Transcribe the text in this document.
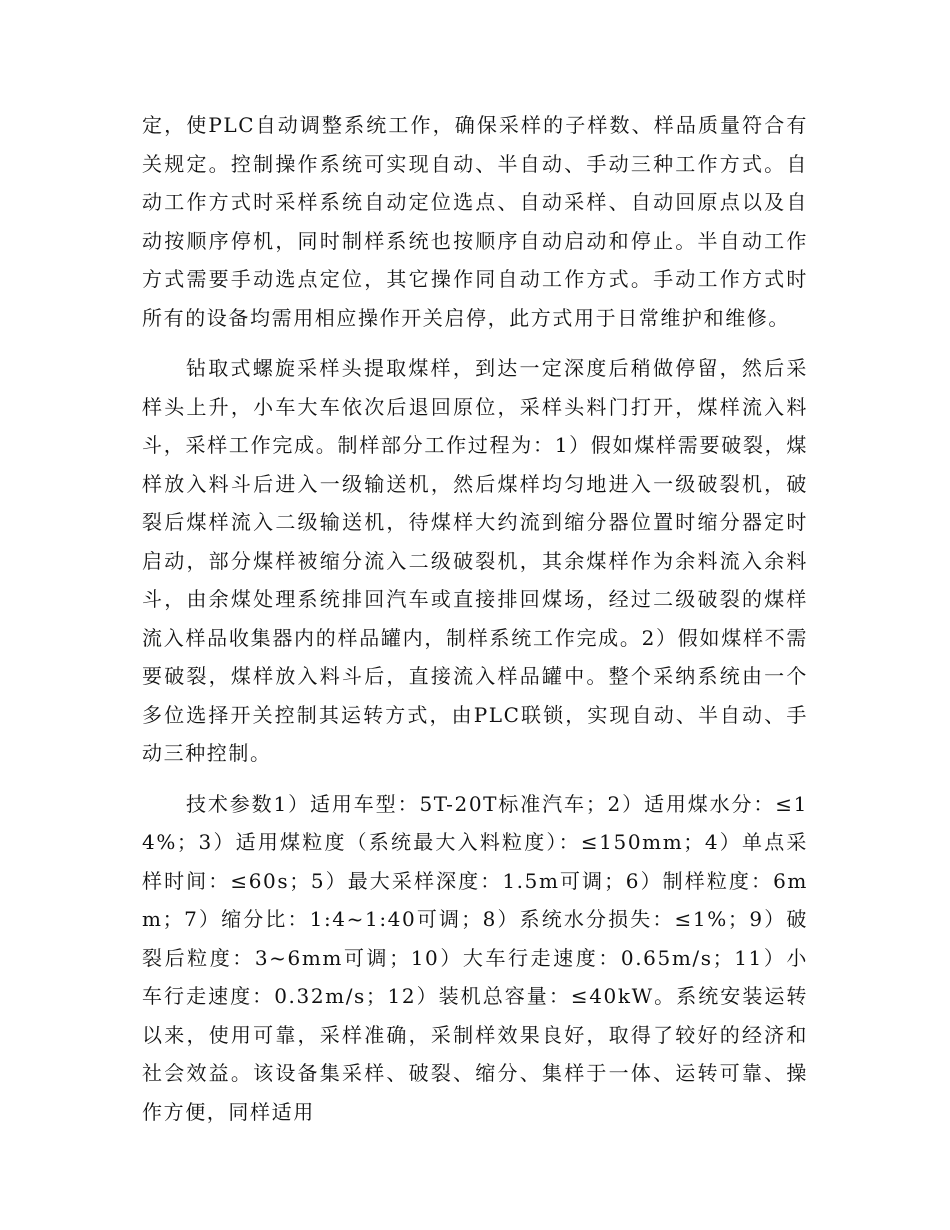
定，使PLC自动调整系统工作，确保采样的子样数、样品质量符合有关规定。控制操作系统可实现自动、半自动、手动三种工作方式。自动工作方式时采样系统自动定位选点、自动采样、自动回原点以及自动按顺序停机，同时制样系统也按顺序自动启动和停止。半自动工作方式需要手动选点定位，其它操作同自动工作方式。手动工作方式时所有的设备均需用相应操作开关启停，此方式用于日常维护和维修。

钻取式螺旋采样头提取煤样，到达一定深度后稍做停留，然后采样头上升，小车大车依次后退回原位，采样头料门打开，煤样流入料斗，采样工作完成。制样部分工作过程为：1）假如煤样需要破裂，煤样放入料斗后进入一级输送机，然后煤样均匀地进入一级破裂机，破裂后煤样流入二级输送机，待煤样大约流到缩分器位置时缩分器定时启动，部分煤样被缩分流入二级破裂机，其余煤样作为余料流入余料斗，由余煤处理系统排回汽车或直接排回煤场，经过二级破裂的煤样流入样品收集器内的样品罐内，制样系统工作完成。2）假如煤样不需要破裂，煤样放入料斗后，直接流入样品罐中。整个采纳系统由一个多位选择开关控制其运转方式，由PLC联锁，实现自动、半自动、手动三种控制。

技术参数1）适用车型：5T-20T标准汽车；2）适用煤水分：≤14%；3）适用煤粒度（系统最大入料粒度）：≤150mm；4）单点采样时间：≤60s；5）最大采样深度：1.5m可调；6）制样粒度：6mm；7）缩分比：1:4~1:40可调；8）系统水分损失：≤1%；9）破裂后粒度：3~6mm可调；10）大车行走速度：0.65m/s；11）小车行走速度：0.32m/s；12）装机总容量：≤40kW。系统安装运转以来，使用可靠，采样准确，采制样效果良好，取得了较好的经济和社会效益。该设备集采样、破裂、缩分、集样于一体、运转可靠、操作方便，同样适用
